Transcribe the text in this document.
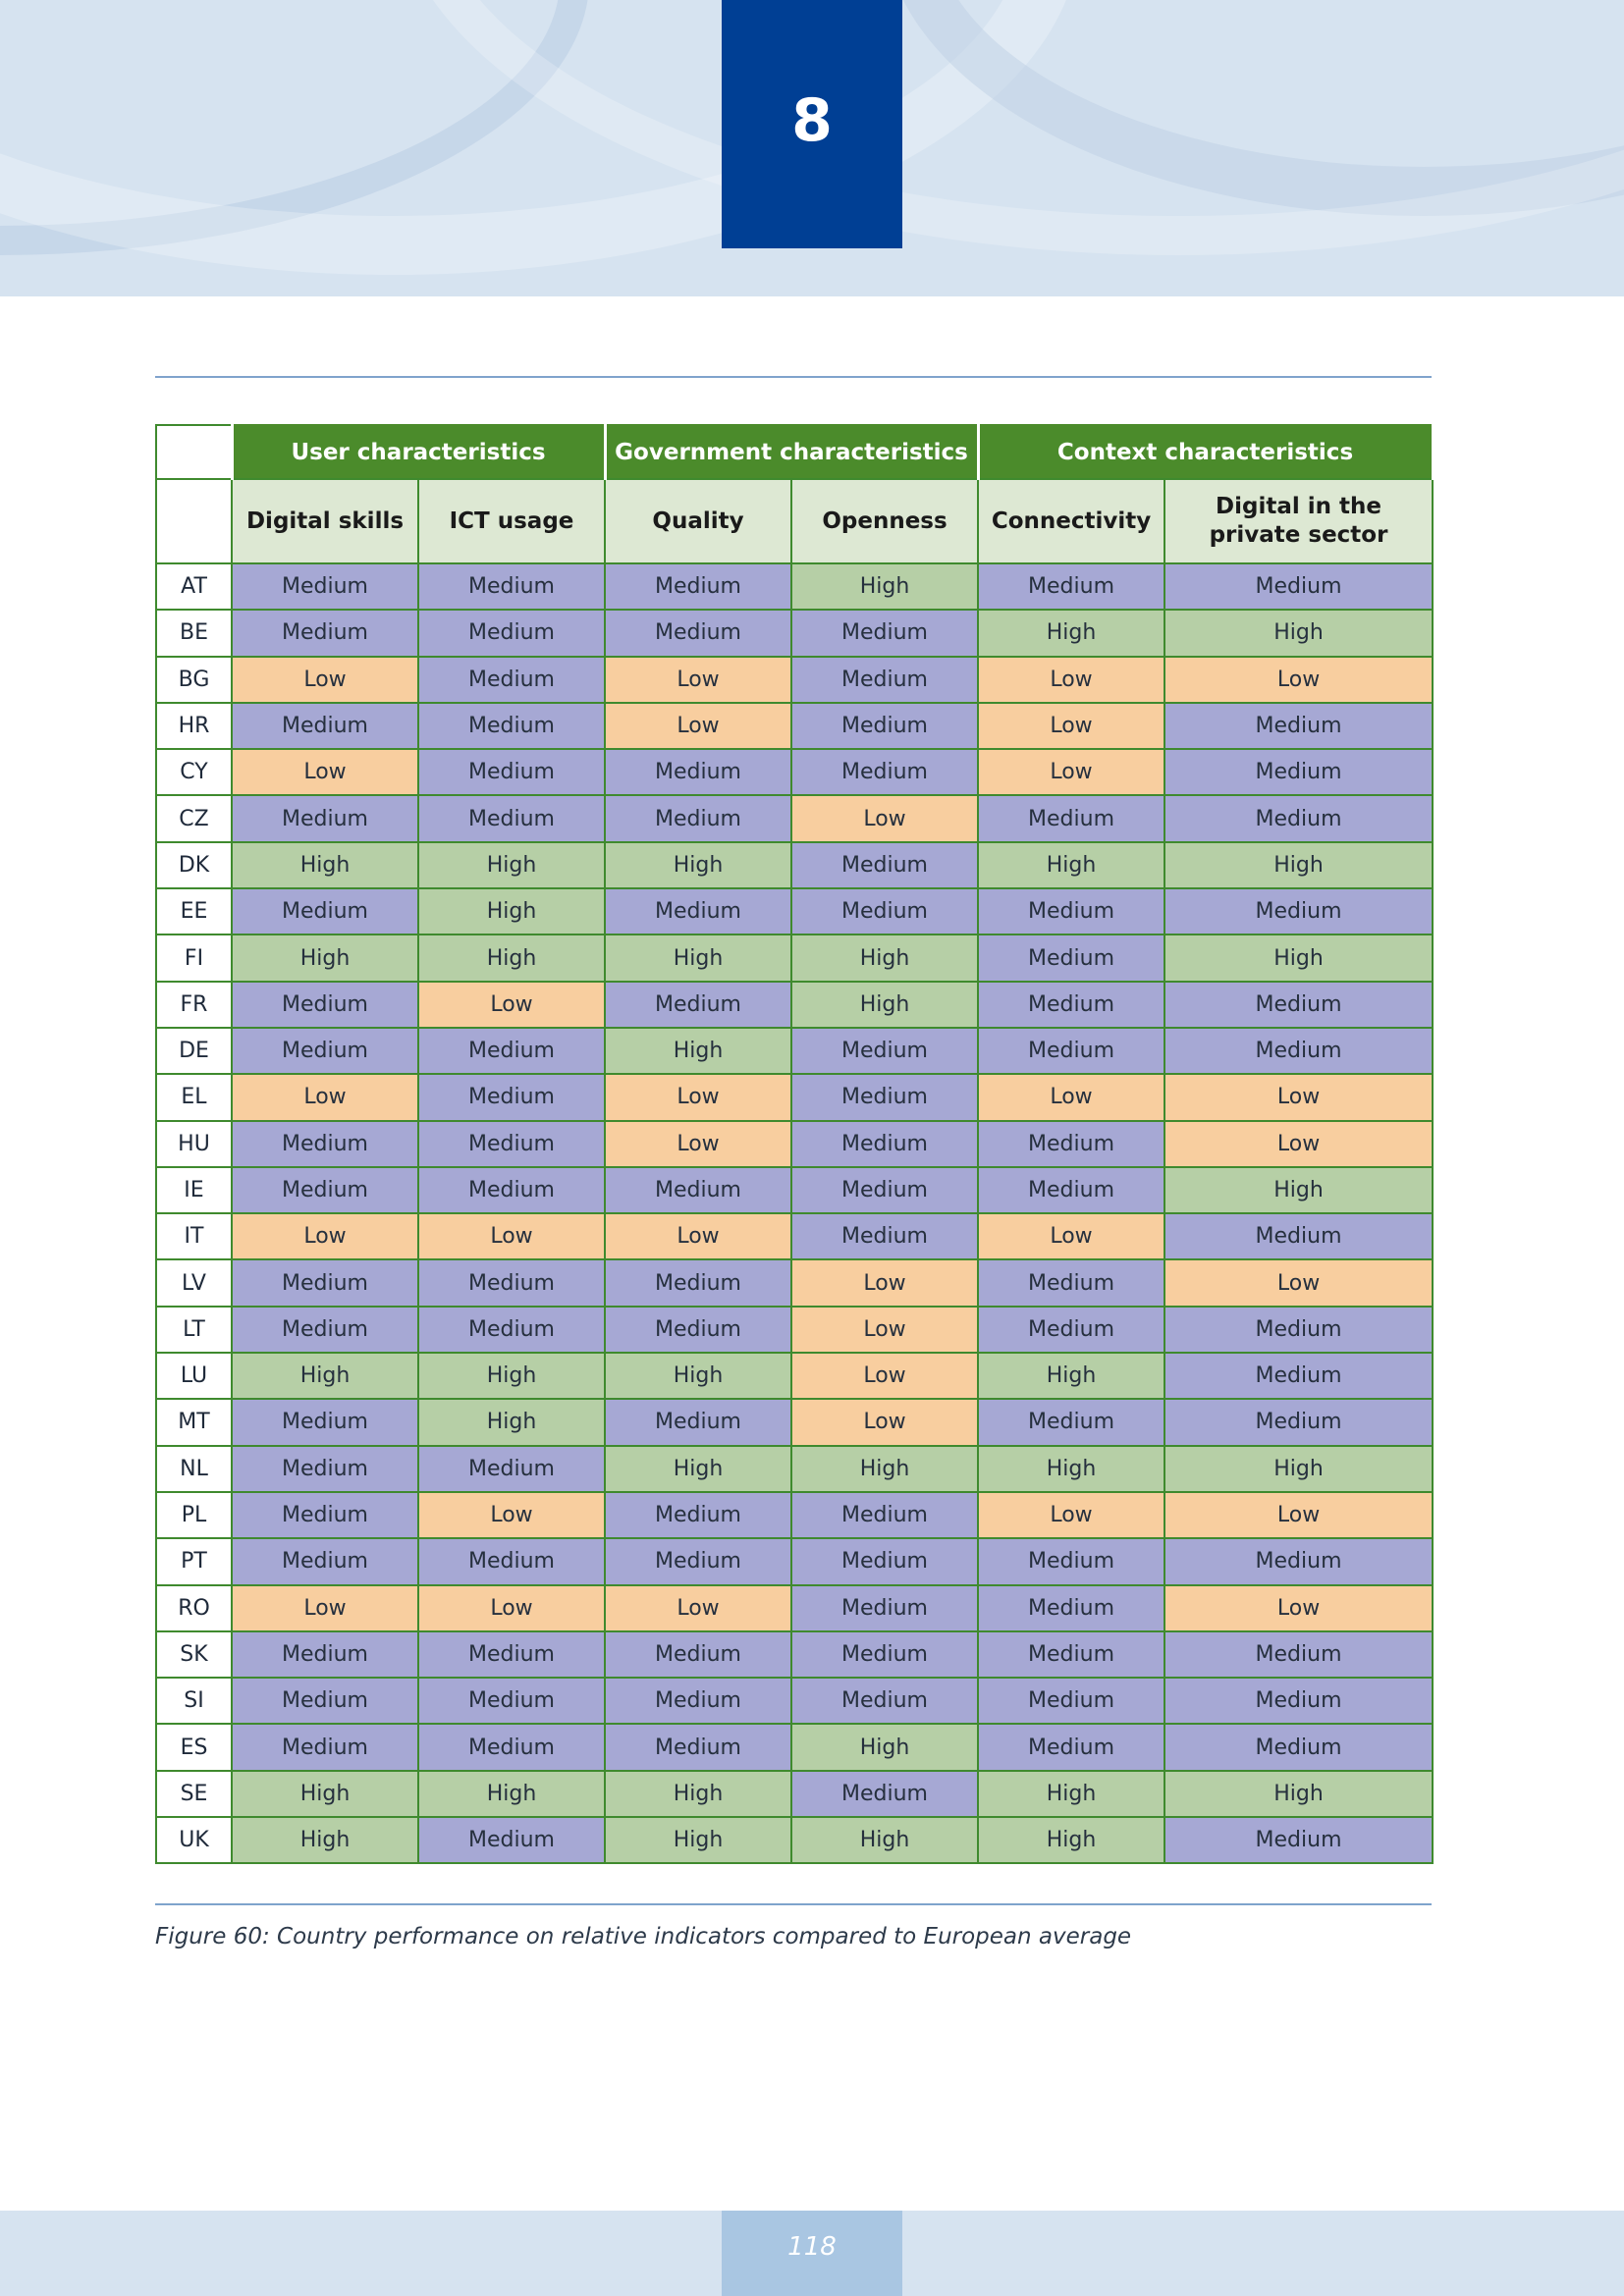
8
	User characteristics		Government characteristics		Context characteristics	
	Digital skills	ICT usage	Quality	Openness	Connectivity	Digital in the private sector
AT	Medium	Medium	Medium	High	Medium	Medium
BE	Medium	Medium	Medium	Medium	High	High
BG	Low	Medium	Low	Medium	Low	Low
HR	Medium	Medium	Low	Medium	Low	Medium
CY	Low	Medium	Medium	Medium	Low	Medium
CZ	Medium	Medium	Medium	Low	Medium	Medium
DK	High	High	High	Medium	High	High
EE	Medium	High	Medium	Medium	Medium	Medium
FI	High	High	High	High	Medium	High
FR	Medium	Low	Medium	High	Medium	Medium
DE	Medium	Medium	High	Medium	Medium	Medium
EL	Low	Medium	Low	Medium	Low	Low
HU	Medium	Medium	Low	Medium	Medium	Low
IE	Medium	Medium	Medium	Medium	Medium	High
IT	Low	Low	Low	Medium	Low	Medium
LV	Medium	Medium	Medium	Low	Medium	Low
LT	Medium	Medium	Medium	Low	Medium	Medium
LU	High	High	High	Low	High	Medium
MT	Medium	High	Medium	Low	Medium	Medium
NL	Medium	Medium	High	High	High	High
PL	Medium	Low	Medium	Medium	Low	Low
PT	Medium	Medium	Medium	Medium	Medium	Medium
RO	Low	Low	Low	Medium	Medium	Low
SK	Medium	Medium	Medium	Medium	Medium	Medium
SI	Medium	Medium	Medium	Medium	Medium	Medium
ES	Medium	Medium	Medium	High	Medium	Medium
SE	High	High	High	Medium	High	High
UK	High	Medium	High	High	High	Medium
Figure 60: Country performance on relative indicators compared to European average
118
